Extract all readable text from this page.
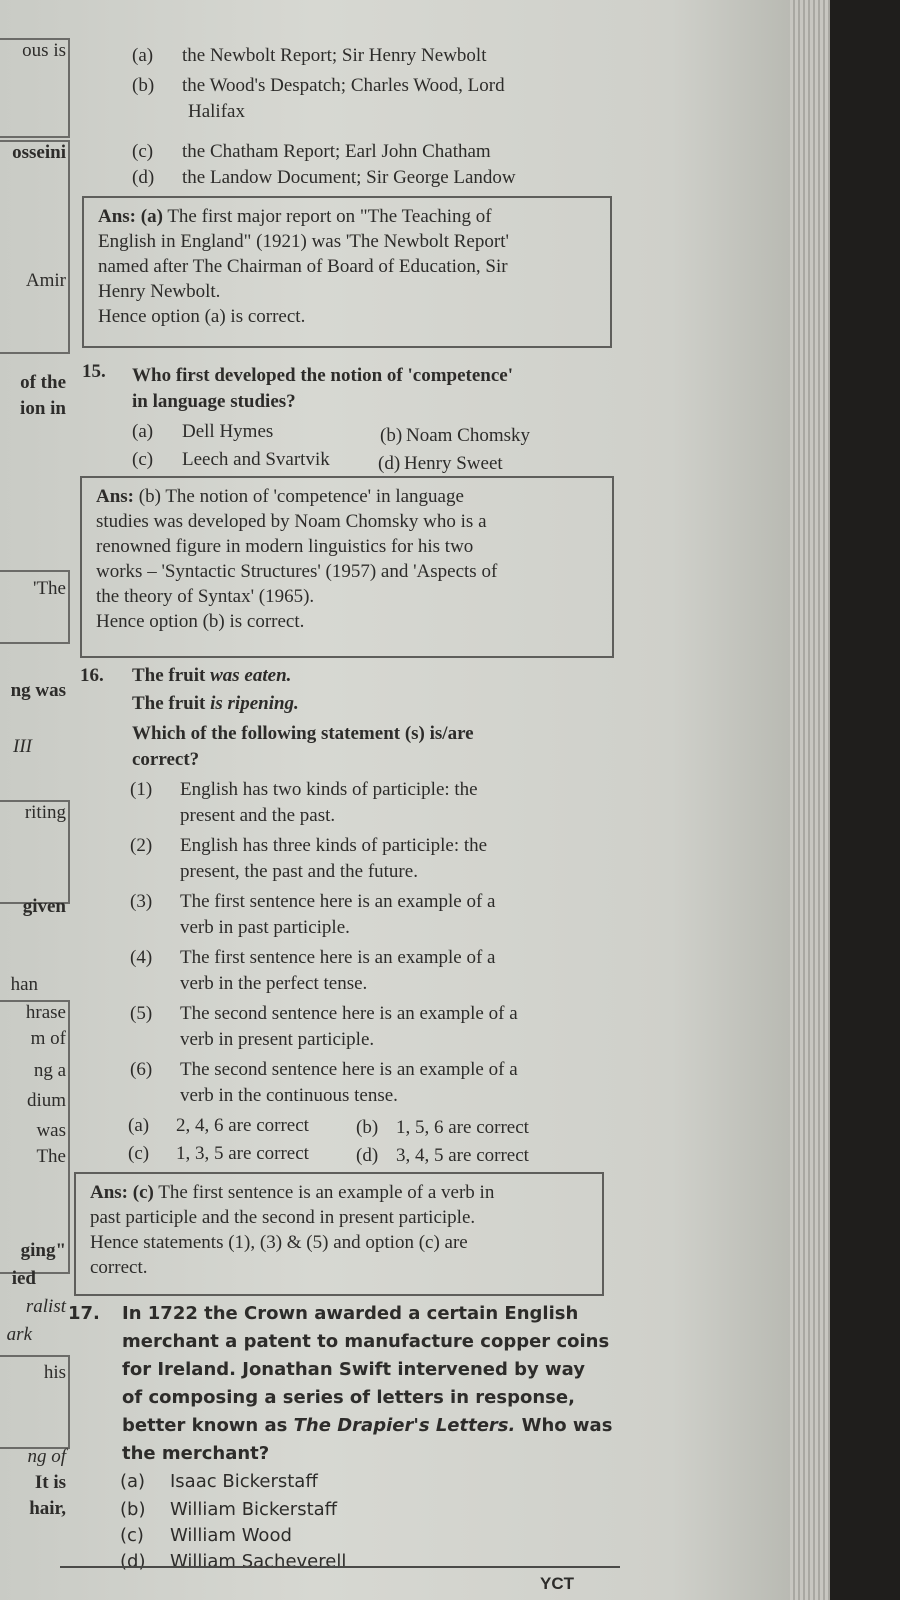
ous is
osseini
Amir
of the
ion in
'The
ng was
III
riting
given
han
hrase
m of
ng a
dium
was
The
ging"
ied
ralist
ark
his
ng of
It is
hair,
(a) the Newbolt Report; Sir Henry Newbolt
(b) the Wood's Despatch; Charles Wood, Lord
Halifax
(c) the Chatham Report; Earl John Chatham
(d) the Landow Document; Sir George Landow
Ans: (a) The first major report on "The Teaching of
English in England" (1921) was 'The Newbolt Report'
named after The Chairman of Board of Education, Sir
Henry Newbolt.
Hence option (a) is correct.
15. Who first developed the notion of 'competence'
in language studies?
(a) Dell Hymes	(b) Noam Chomsky
(c) Leech and Svartvik	(d) Henry Sweet
Ans: (b) The notion of 'competence' in language
studies was developed by Noam Chomsky who is a
renowned figure in modern linguistics for his two
works – 'Syntactic Structures' (1957) and 'Aspects of
the theory of Syntax' (1965).
Hence option (b) is correct.
16. The fruit was eaten.
The fruit is ripening.
Which of the following statement (s) is/are
correct?
(1) English has two kinds of participle: the
present and the past.
(2) English has three kinds of participle: the
present, the past and the future.
(3) The first sentence here is an example of a
verb in past participle.
(4) The first sentence here is an example of a
verb in the perfect tense.
(5) The second sentence here is an example of a
verb in present participle.
(6) The second sentence here is an example of a
verb in the continuous tense.
(a) 2, 4, 6 are correct (b) 1, 5, 6 are correct
(c) 1, 3, 5 are correct (d) 3, 4, 5 are correct
Ans: (c) The first sentence is an example of a verb in
past participle and the second in present participle.
Hence statements (1), (3) & (5) and option (c) are
correct.
17. In 1722 the Crown awarded a certain English
merchant a patent to manufacture copper coins
for Ireland. Jonathan Swift intervened by way
of composing a series of letters in response,
better known as The Drapier's Letters. Who was
the merchant?
(a) Isaac Bickerstaff
(b) William Bickerstaff
(c) William Wood
(d) William Sacheverell
YCT
